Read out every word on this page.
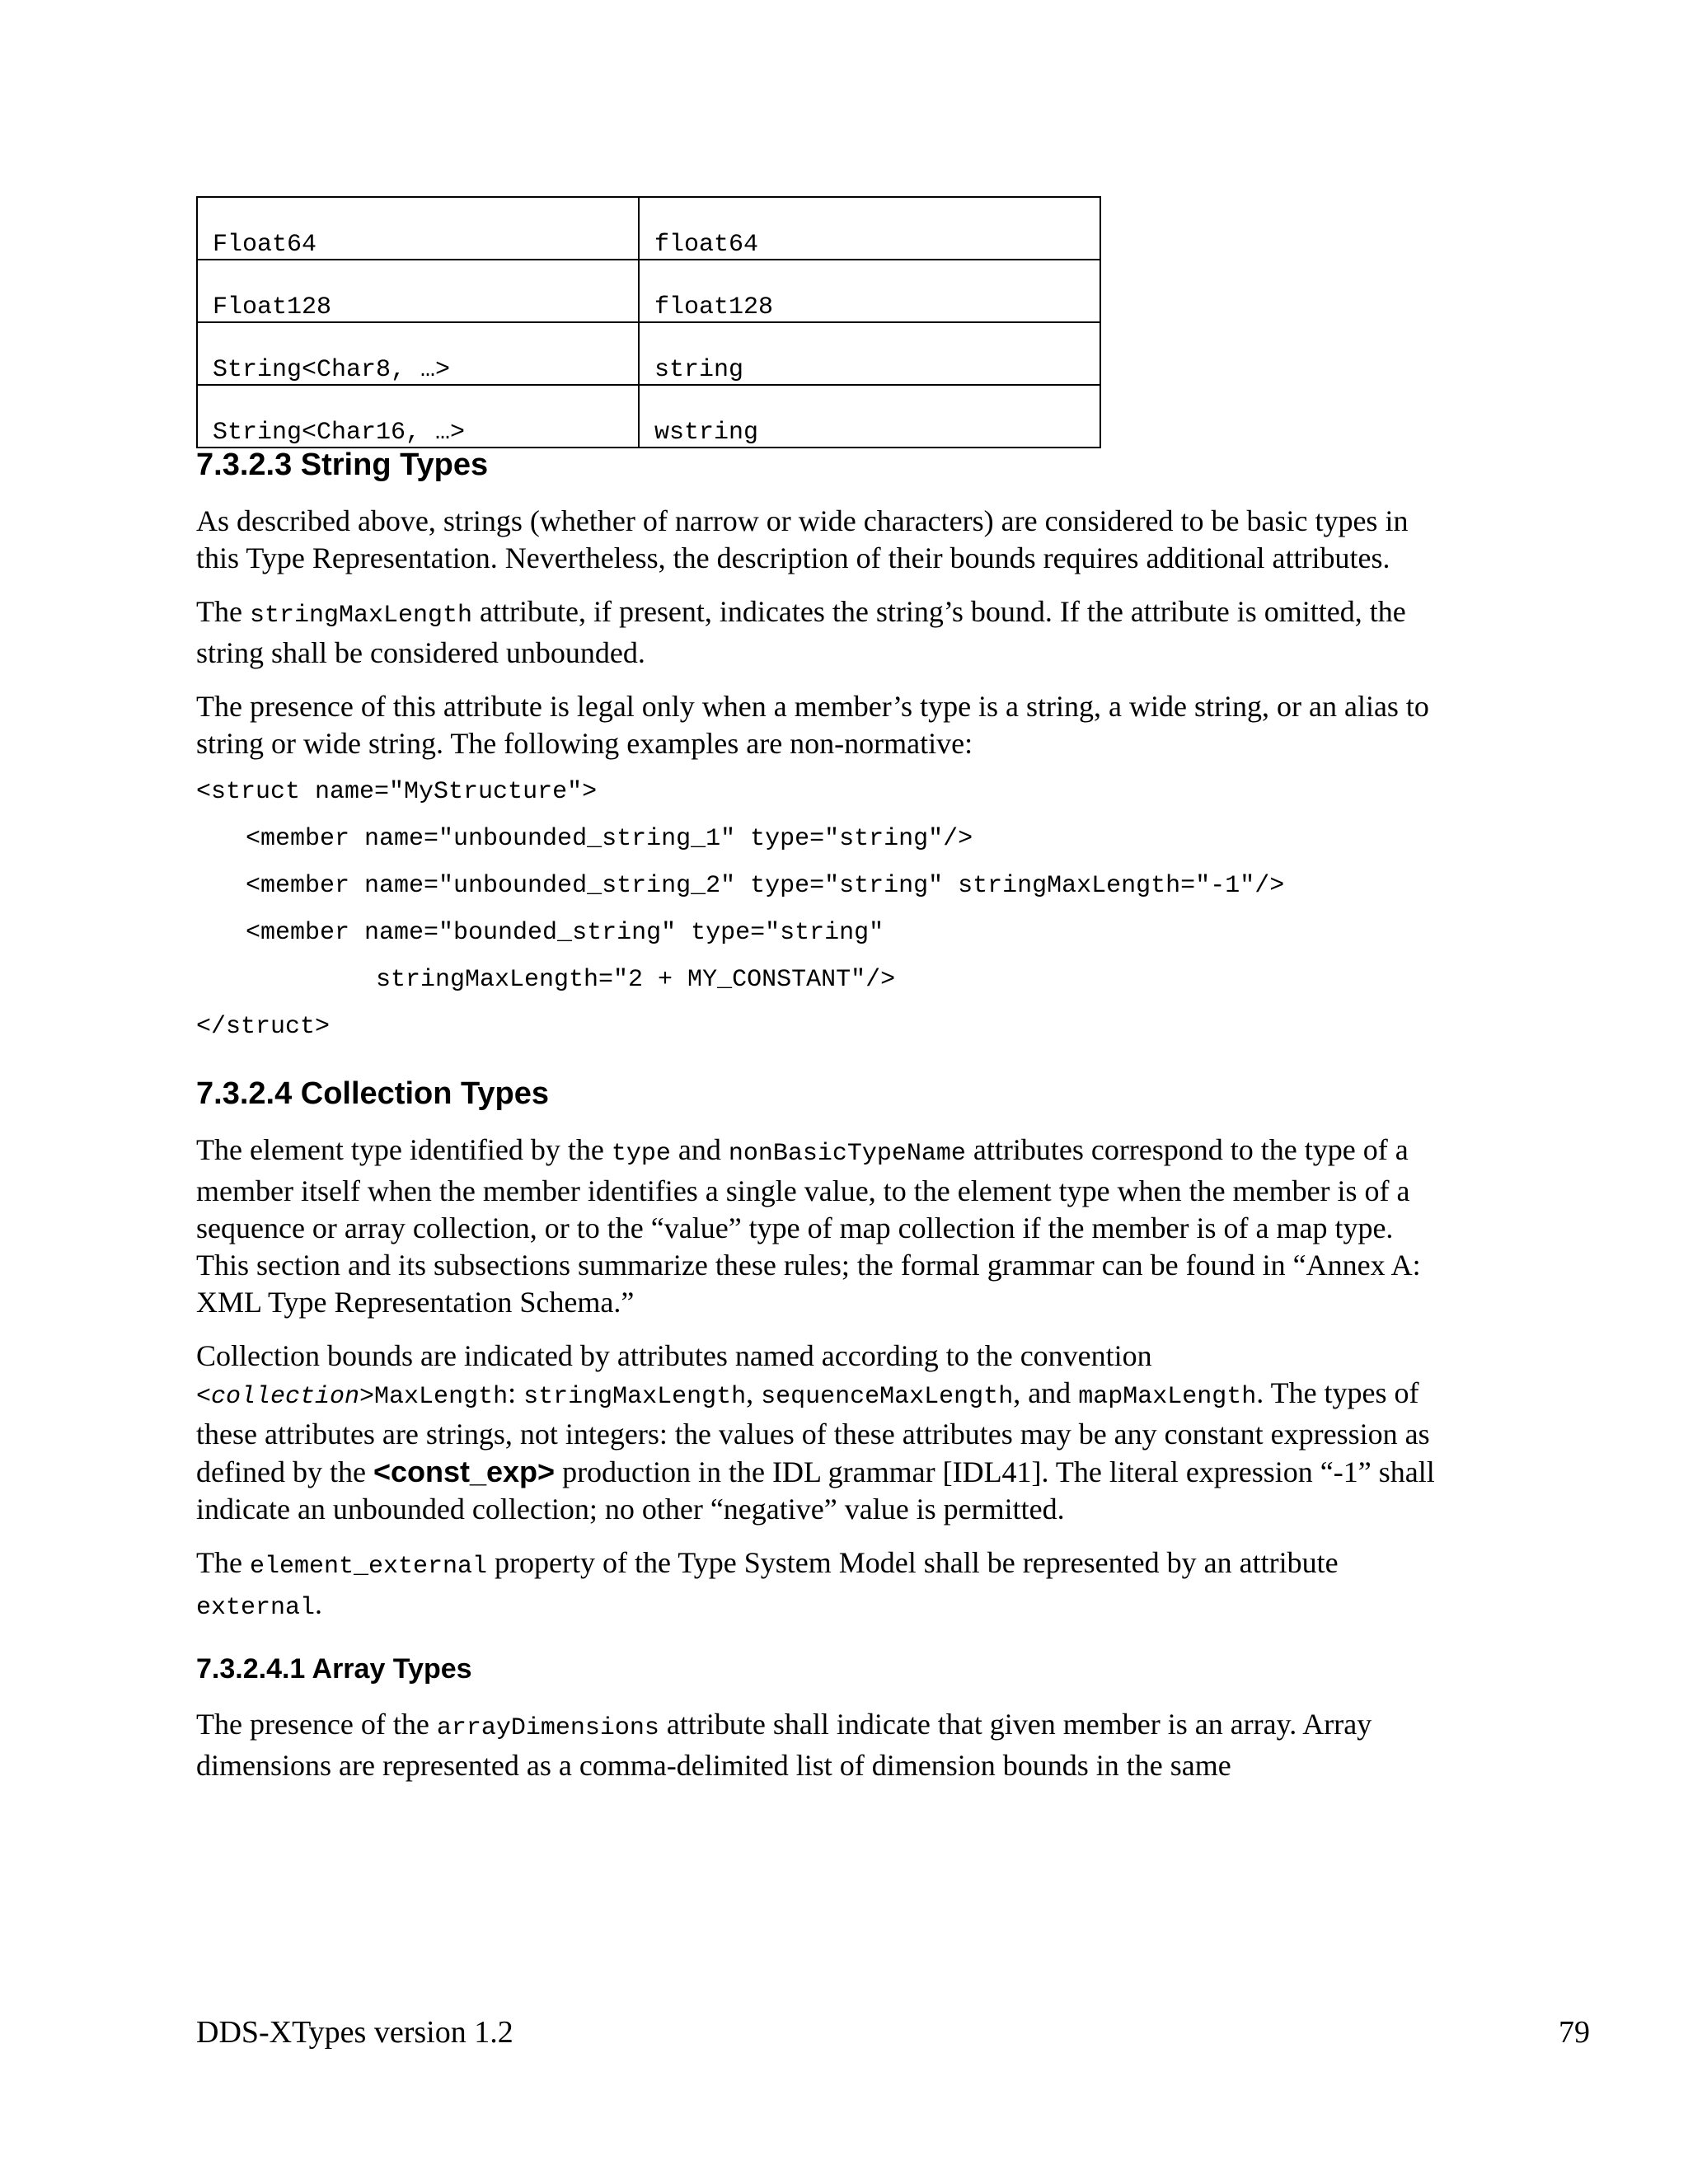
Float64	float64
Float128	float128
String<Char8, …>	string
String<Char16, …>	wstring
7.3.2.3 String Types

As described above, strings (whether of narrow or wide characters) are considered to be basic types in this Type Representation. Nevertheless, the description of their bounds requires additional attributes.

The stringMaxLength attribute, if present, indicates the string’s bound. If the attribute is omitted, the string shall be considered unbounded.

The presence of this attribute is legal only when a member’s type is a string, a wide string, or an alias to string or wide string. The following examples are non-normative:

<struct name="MyStructure">
<member name="unbounded_string_1" type="string"/>
<member name="unbounded_string_2" type="string" stringMaxLength="-1"/>
<member name="bounded_string" type="string"
stringMaxLength="2 + MY_CONSTANT"/>
</struct>
7.3.2.4 Collection Types

The element type identified by the type and nonBasicTypeName attributes correspond to the type of a member itself when the member identifies a single value, to the element type when the member is of a sequence or array collection, or to the “value” type of map collection if the member is of a map type. This section and its subsections summarize these rules; the formal grammar can be found in “Annex A: XML Type Representation Schema.”

Collection bounds are indicated by attributes named according to the convention <collection>MaxLength: stringMaxLength, sequenceMaxLength, and mapMaxLength. The types of these attributes are strings, not integers: the values of these attributes may be any constant expression as defined by the <const_exp> production in the IDL grammar [IDL41]. The literal expression “-1” shall indicate an unbounded collection; no other “negative” value is permitted.

The element_external property of the Type System Model shall be represented by an attribute external.

7.3.2.4.1 Array Types

The presence of the arrayDimensions attribute shall indicate that given member is an array. Array dimensions are represented as a comma-delimited list of dimension bounds in the same

DDS-XTypes version 1.2	79
